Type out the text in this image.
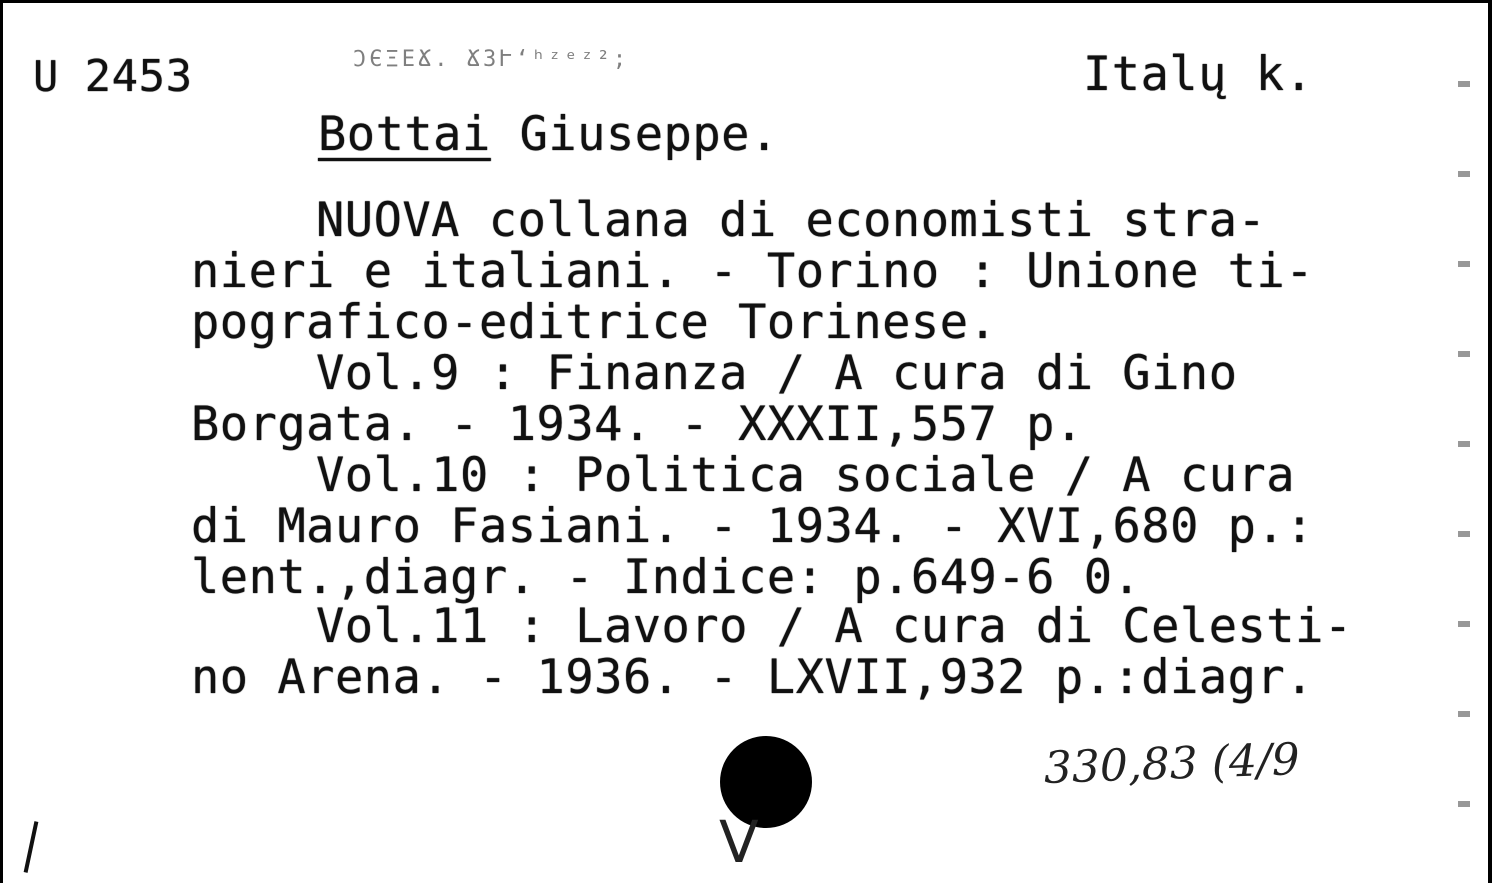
U 2453	ϽЄΞЕՃ. ՃЗՒ‘ʰᶻᵉᶻ²;	Italų k.
Bottai Giuseppe.
NUOVA collana di economisti stra-
nieri e italiani. - Torino : Unione ti-
pografico-editrice Torinese.
Vol.9 : Finanza / A cura di Gino
Borgata. - 1934. - XXXII,557 p.
Vol.10 : Politica sociale / A cura
di Mauro Fasiani. - 1934. - XVI,680 p.:
lent.,diagr. - Indice: p.649-6 0.
Vol.11 : Lavoro / A cura di Celesti-
no Arena. - 1936. - LXVII,932 p.:diagr.
V
330,83 (4/9
